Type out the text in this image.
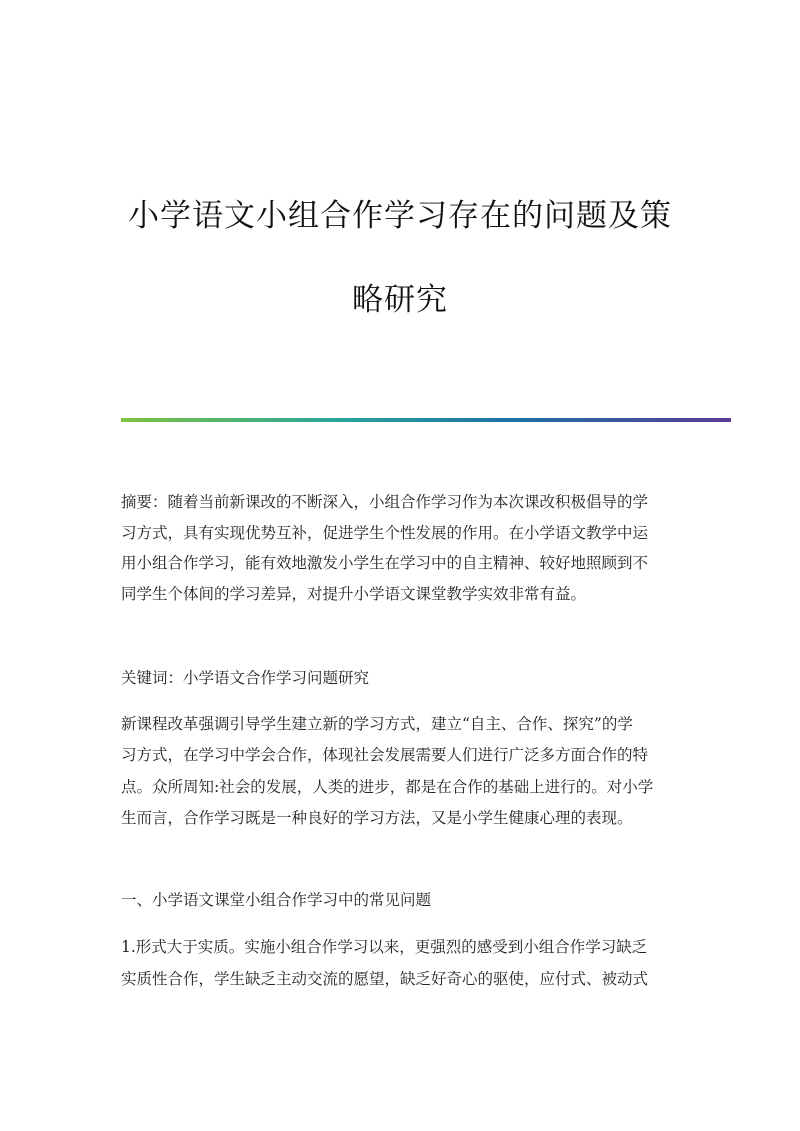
小学语文小组合作学习存在的问题及策
略研究

摘要：随着当前新课改的不断深入，小组合作学习作为本次课改积极倡导的学

习方式，具有实现优势互补，促进学生个性发展的作用。在小学语文教学中运

用小组合作学习，能有效地激发小学生在学习中的自主精神、较好地照顾到不

同学生个体间的学习差异，对提升小学语文课堂教学实效非常有益。

关键词：小学语文合作学习问题研究

新课程改革强调引导学生建立新的学习方式，建立“自主、合作、探究”的学

习方式，在学习中学会合作，体现社会发展需要人们进行广泛多方面合作的特

点。众所周知:社会的发展，人类的进步，都是在合作的基础上进行的。对小学

生而言，合作学习既是一种良好的学习方法，又是小学生健康心理的表现。

一、小学语文课堂小组合作学习中的常见问题

1.形式大于实质。实施小组合作学习以来，更强烈的感受到小组合作学习缺乏

实质性合作，学生缺乏主动交流的愿望，缺乏好奇心的驱使，应付式、被动式
